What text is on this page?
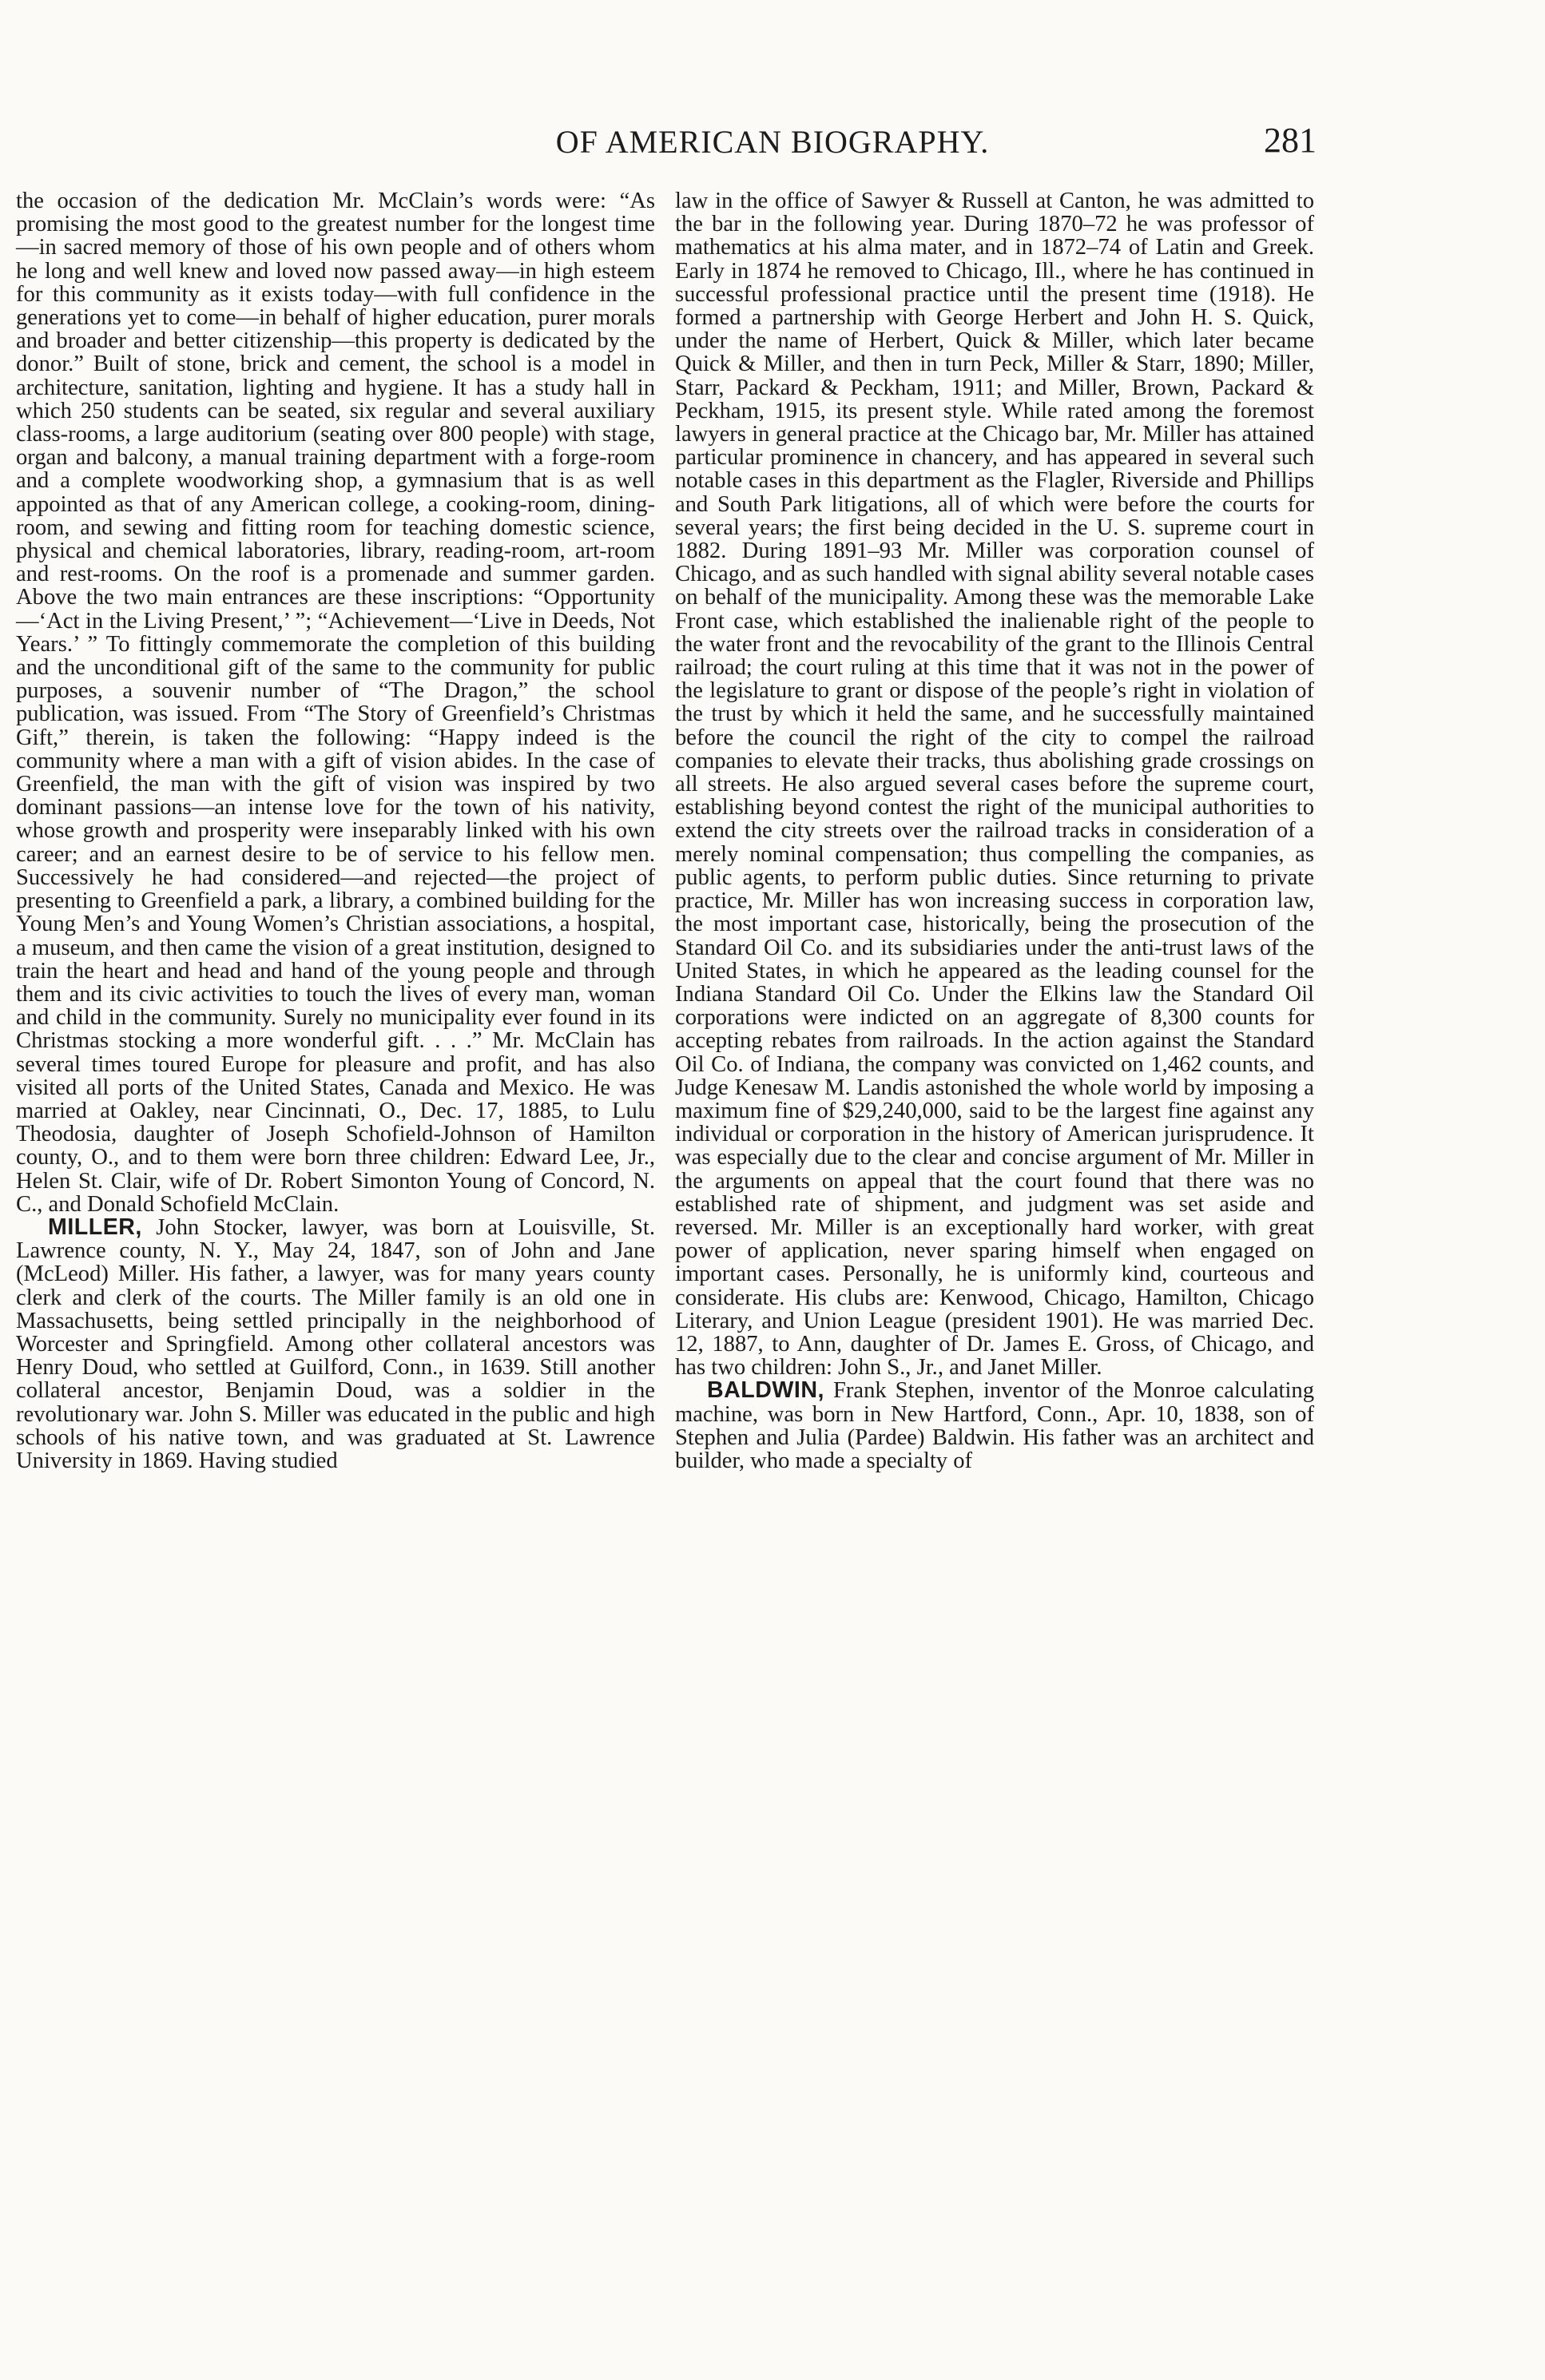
OF AMERICAN BIOGRAPHY.	281

the occasion of the dedication Mr. McClain’s words were: “As promising the most good to the greatest number for the longest time—in sacred memory of those of his own people and of others whom he long and well knew and loved now passed away—in high esteem for this community as it exists today—with full confidence in the generations yet to come—in behalf of higher education, purer morals and broader and better citizenship—this property is dedicated by the donor.” Built of stone, brick and cement, the school is a model in architecture, sanitation, lighting and hygiene. It has a study hall in which 250 students can be seated, six regular and several auxiliary class-rooms, a large auditorium (seating over 800 people) with stage, organ and balcony, a manual training department with a forge-room and a complete woodworking shop, a gymnasium that is as well appointed as that of any American college, a cooking-room, dining-room, and sewing and fitting room for teaching domestic science, physical and chemical laboratories, library, reading-room, art-room and rest-rooms. On the roof is a promenade and summer garden. Above the two main entrances are these inscriptions: “Opportunity—‘Act in the Living Present,’ ”; “Achievement—‘Live in Deeds, Not Years.’ ” To fittingly commemorate the completion of this building and the unconditional gift of the same to the community for public purposes, a souvenir number of “The Dragon,” the school publication, was issued. From “The Story of Greenfield’s Christmas Gift,” therein, is taken the following: “Happy indeed is the community where a man with a gift of vision abides. In the case of Greenfield, the man with the gift of vision was inspired by two dominant passions—an intense love for the town of his nativity, whose growth and prosperity were inseparably linked with his own career; and an earnest desire to be of service to his fellow men. Successively he had considered—and rejected—the project of presenting to Greenfield a park, a library, a combined building for the Young Men’s and Young Women’s Christian associations, a hospital, a museum, and then came the vision of a great institution, designed to train the heart and head and hand of the young people and through them and its civic activities to touch the lives of every man, woman and child in the community. Surely no municipality ever found in its Christmas stocking a more wonderful gift. . . .” Mr. McClain has several times toured Europe for pleasure and profit, and has also visited all ports of the United States, Canada and Mexico. He was married at Oakley, near Cincinnati, O., Dec. 17, 1885, to Lulu Theodosia, daughter of Joseph Schofield-Johnson of Hamilton county, O., and to them were born three children: Edward Lee, Jr., Helen St. Clair, wife of Dr. Robert Simonton Young of Concord, N. C., and Donald Schofield McClain.

MILLER, John Stocker, lawyer, was born at Louisville, St. Lawrence county, N. Y., May 24, 1847, son of John and Jane (McLeod) Miller. His father, a lawyer, was for many years county clerk and clerk of the courts. The Miller family is an old one in Massachusetts, being settled principally in the neighborhood of Worcester and Springfield. Among other collateral ancestors was Henry Doud, who settled at Guilford, Conn., in 1639. Still another collateral ancestor, Benjamin Doud, was a soldier in the revolutionary war. John S. Miller was educated in the public and high schools of his native town, and was graduated at St. Lawrence University in 1869. Having studied

law in the office of Sawyer & Russell at Canton, he was admitted to the bar in the following year. During 1870–72 he was professor of mathematics at his alma mater, and in 1872–74 of Latin and Greek. Early in 1874 he removed to Chicago, Ill., where he has continued in successful professional practice until the present time (1918). He formed a partnership with George Herbert and John H. S. Quick, under the name of Herbert, Quick & Miller, which later became Quick & Miller, and then in turn Peck, Miller & Starr, 1890; Miller, Starr, Packard & Peckham, 1911; and Miller, Brown, Packard & Peckham, 1915, its present style. While rated among the foremost lawyers in general practice at the Chicago bar, Mr. Miller has attained particular prominence in chancery, and has appeared in several such notable cases in this department as the Flagler, Riverside and Phillips and South Park litigations, all of which were before the courts for several years; the first being decided in the U. S. supreme court in 1882. During 1891–93 Mr. Miller was corporation counsel of Chicago, and as such handled with signal ability several notable cases on behalf of the municipality. Among these was the memorable Lake Front case, which established the inalienable right of the people to the water front and the revocability of the grant to the Illinois Central railroad; the court ruling at this time that it was not in the power of the legislature to grant or dispose of the people’s right in violation of the trust by which it held the same, and he successfully maintained before the council the right of the city to compel the railroad companies to elevate their tracks, thus abolishing grade crossings on all streets. He also argued several cases before the supreme court, establishing beyond contest the right of the municipal authorities to extend the city streets over the railroad tracks in consideration of a merely nominal compensation; thus compelling the companies, as public agents, to perform public duties. Since returning to private practice, Mr. Miller has won increasing success in corporation law, the most important case, historically, being the prosecution of the Standard Oil Co. and its subsidiaries under the anti-trust laws of the United States, in which he appeared as the leading counsel for the Indiana Standard Oil Co. Under the Elkins law the Standard Oil corporations were indicted on an aggregate of 8,300 counts for accepting rebates from railroads. In the action against the Standard Oil Co. of Indiana, the company was convicted on 1,462 counts, and Judge Kenesaw M. Landis astonished the whole world by imposing a maximum fine of $29,240,000, said to be the largest fine against any individual or corporation in the history of American jurisprudence. It was especially due to the clear and concise argument of Mr. Miller in the arguments on appeal that the court found that there was no established rate of shipment, and judgment was set aside and reversed. Mr. Miller is an exceptionally hard worker, with great power of application, never sparing himself when engaged on important cases. Personally, he is uniformly kind, courteous and considerate. His clubs are: Kenwood, Chicago, Hamilton, Chicago Literary, and Union League (president 1901). He was married Dec. 12, 1887, to Ann, daughter of Dr. James E. Gross, of Chicago, and has two children: John S., Jr., and Janet Miller.

BALDWIN, Frank Stephen, inventor of the Monroe calculating machine, was born in New Hartford, Conn., Apr. 10, 1838, son of Stephen and Julia (Pardee) Baldwin. His father was an architect and builder, who made a specialty of
